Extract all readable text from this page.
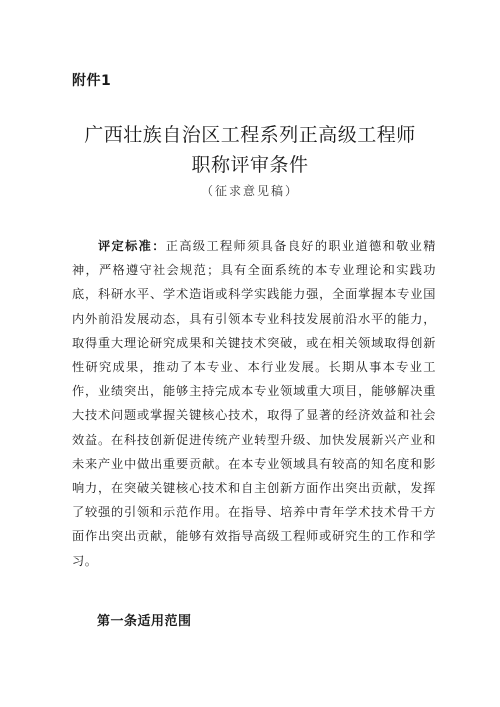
附件1
广西壮族自治区工程系列正高级工程师
职称评审条件
（征求意见稿）
评定标准：正高级工程师须具备良好的职业道德和敬业精神，严格遵守社会规范；具有全面系统的本专业理论和实践功底，科研水平、学术造诣或科学实践能力强，全面掌握本专业国内外前沿发展动态，具有引领本专业科技发展前沿水平的能力，取得重大理论研究成果和关键技术突破，或在相关领域取得创新性研究成果，推动了本专业、本行业发展。长期从事本专业工作，业绩突出，能够主持完成本专业领域重大项目，能够解决重大技术问题或掌握关键核心技术，取得了显著的经济效益和社会效益。在科技创新促进传统产业转型升级、加快发展新兴产业和未来产业中做出重要贡献。在本专业领域具有较高的知名度和影响力，在突破关键核心技术和自主创新方面作出突出贡献，发挥了较强的引领和示范作用。在指导、培养中青年学术技术骨干方面作出突出贡献，能够有效指导高级工程师或研究生的工作和学习。
第一条适用范围
